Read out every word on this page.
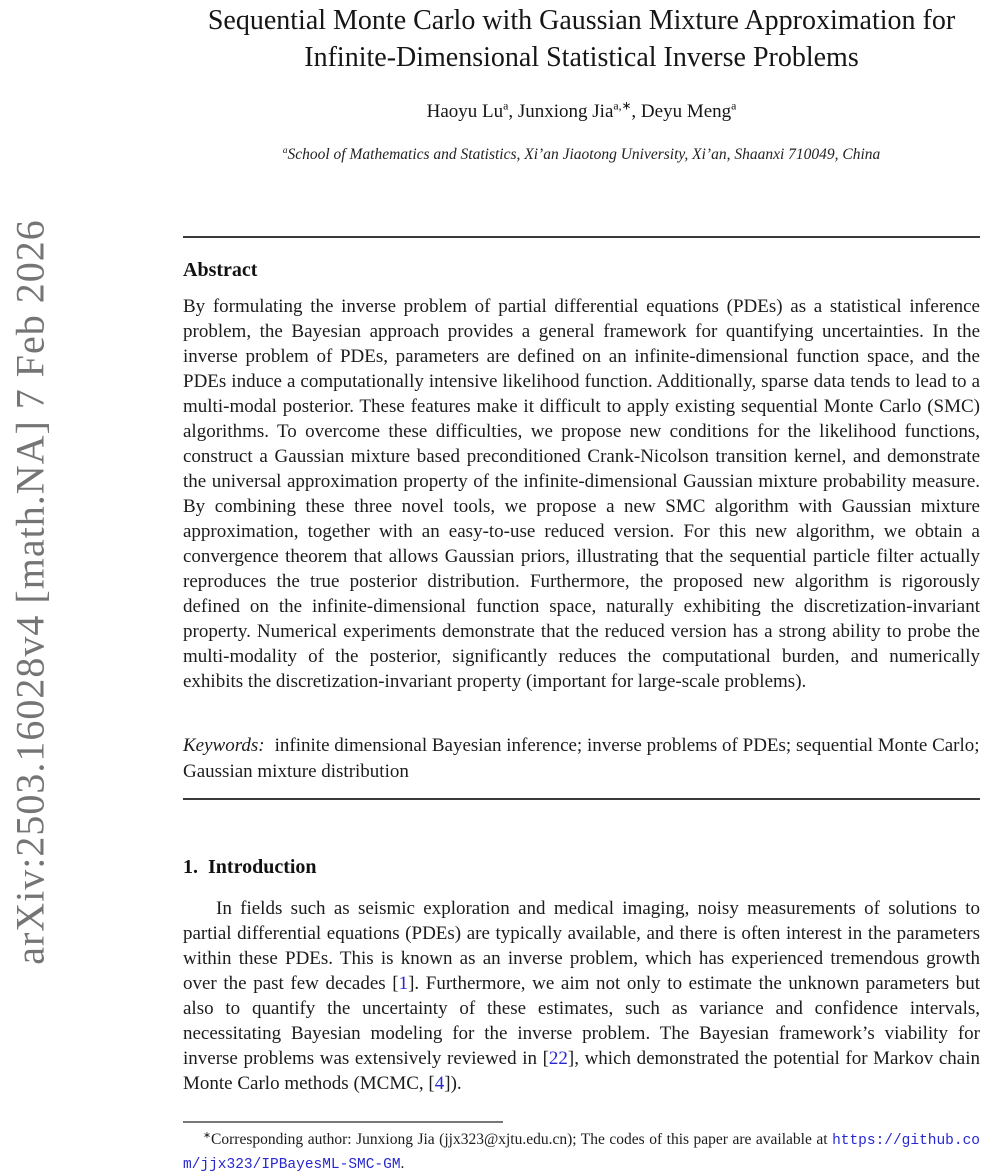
arXiv:2503.16028v4 [math.NA] 7 Feb 2026
Sequential Monte Carlo with Gaussian Mixture Approximation for Infinite-Dimensional Statistical Inverse Problems
Haoyu Lu$^a$, Junxiong Jia$^{a,∗}$, Deyu Meng$^a$
$^a$School of Mathematics and Statistics, Xi’an Jiaotong University, Xi’an, Shaanxi 710049, China
Abstract

By formulating the inverse problem of partial differential equations (PDEs) as a statistical inference problem, the Bayesian approach provides a general framework for quantifying uncertainties. In the inverse problem of PDEs, parameters are defined on an infinite-dimensional function space, and the PDEs induce a computationally intensive likelihood function. Additionally, sparse data tends to lead to a multi-modal posterior. These features make it difficult to apply existing sequential Monte Carlo (SMC) algorithms. To overcome these difficulties, we propose new conditions for the likelihood functions, construct a Gaussian mixture based preconditioned Crank-Nicolson transition kernel, and demonstrate the universal approximation property of the infinite-dimensional Gaussian mixture probability measure. By combining these three novel tools, we propose a new SMC algorithm with Gaussian mixture approximation, together with an easy-to-use reduced version. For this new algorithm, we obtain a convergence theorem that allows Gaussian priors, illustrating that the sequential particle filter actually reproduces the true posterior distribution. Furthermore, the proposed new algorithm is rigorously defined on the infinite-dimensional function space, naturally exhibiting the discretization-invariant property. Numerical experiments demonstrate that the reduced version has a strong ability to probe the multi-modality of the posterior, significantly reduces the computational burden, and numerically exhibits the discretization-invariant property (important for large-scale problems).

Keywords: infinite dimensional Bayesian inference; inverse problems of PDEs; sequential Monte Carlo; Gaussian mixture distribution
1. Introduction

In fields such as seismic exploration and medical imaging, noisy measurements of solutions to partial differential equations (PDEs) are typically available, and there is often interest in the parameters within these PDEs. This is known as an inverse problem, which has experienced tremendous growth over the past few decades [1]. Furthermore, we aim not only to estimate the unknown parameters but also to quantify the uncertainty of these estimates, such as variance and confidence intervals, necessitating Bayesian modeling for the inverse problem. The Bayesian framework’s viability for inverse problems was extensively reviewed in [22], which demonstrated the potential for Markov chain Monte Carlo methods (MCMC, [4]).

∗Corresponding author: Junxiong Jia (jjx323@xjtu.edu.cn); The codes of this paper are available at https://github.com/jjx323/IPBayesML-SMC-GM.
